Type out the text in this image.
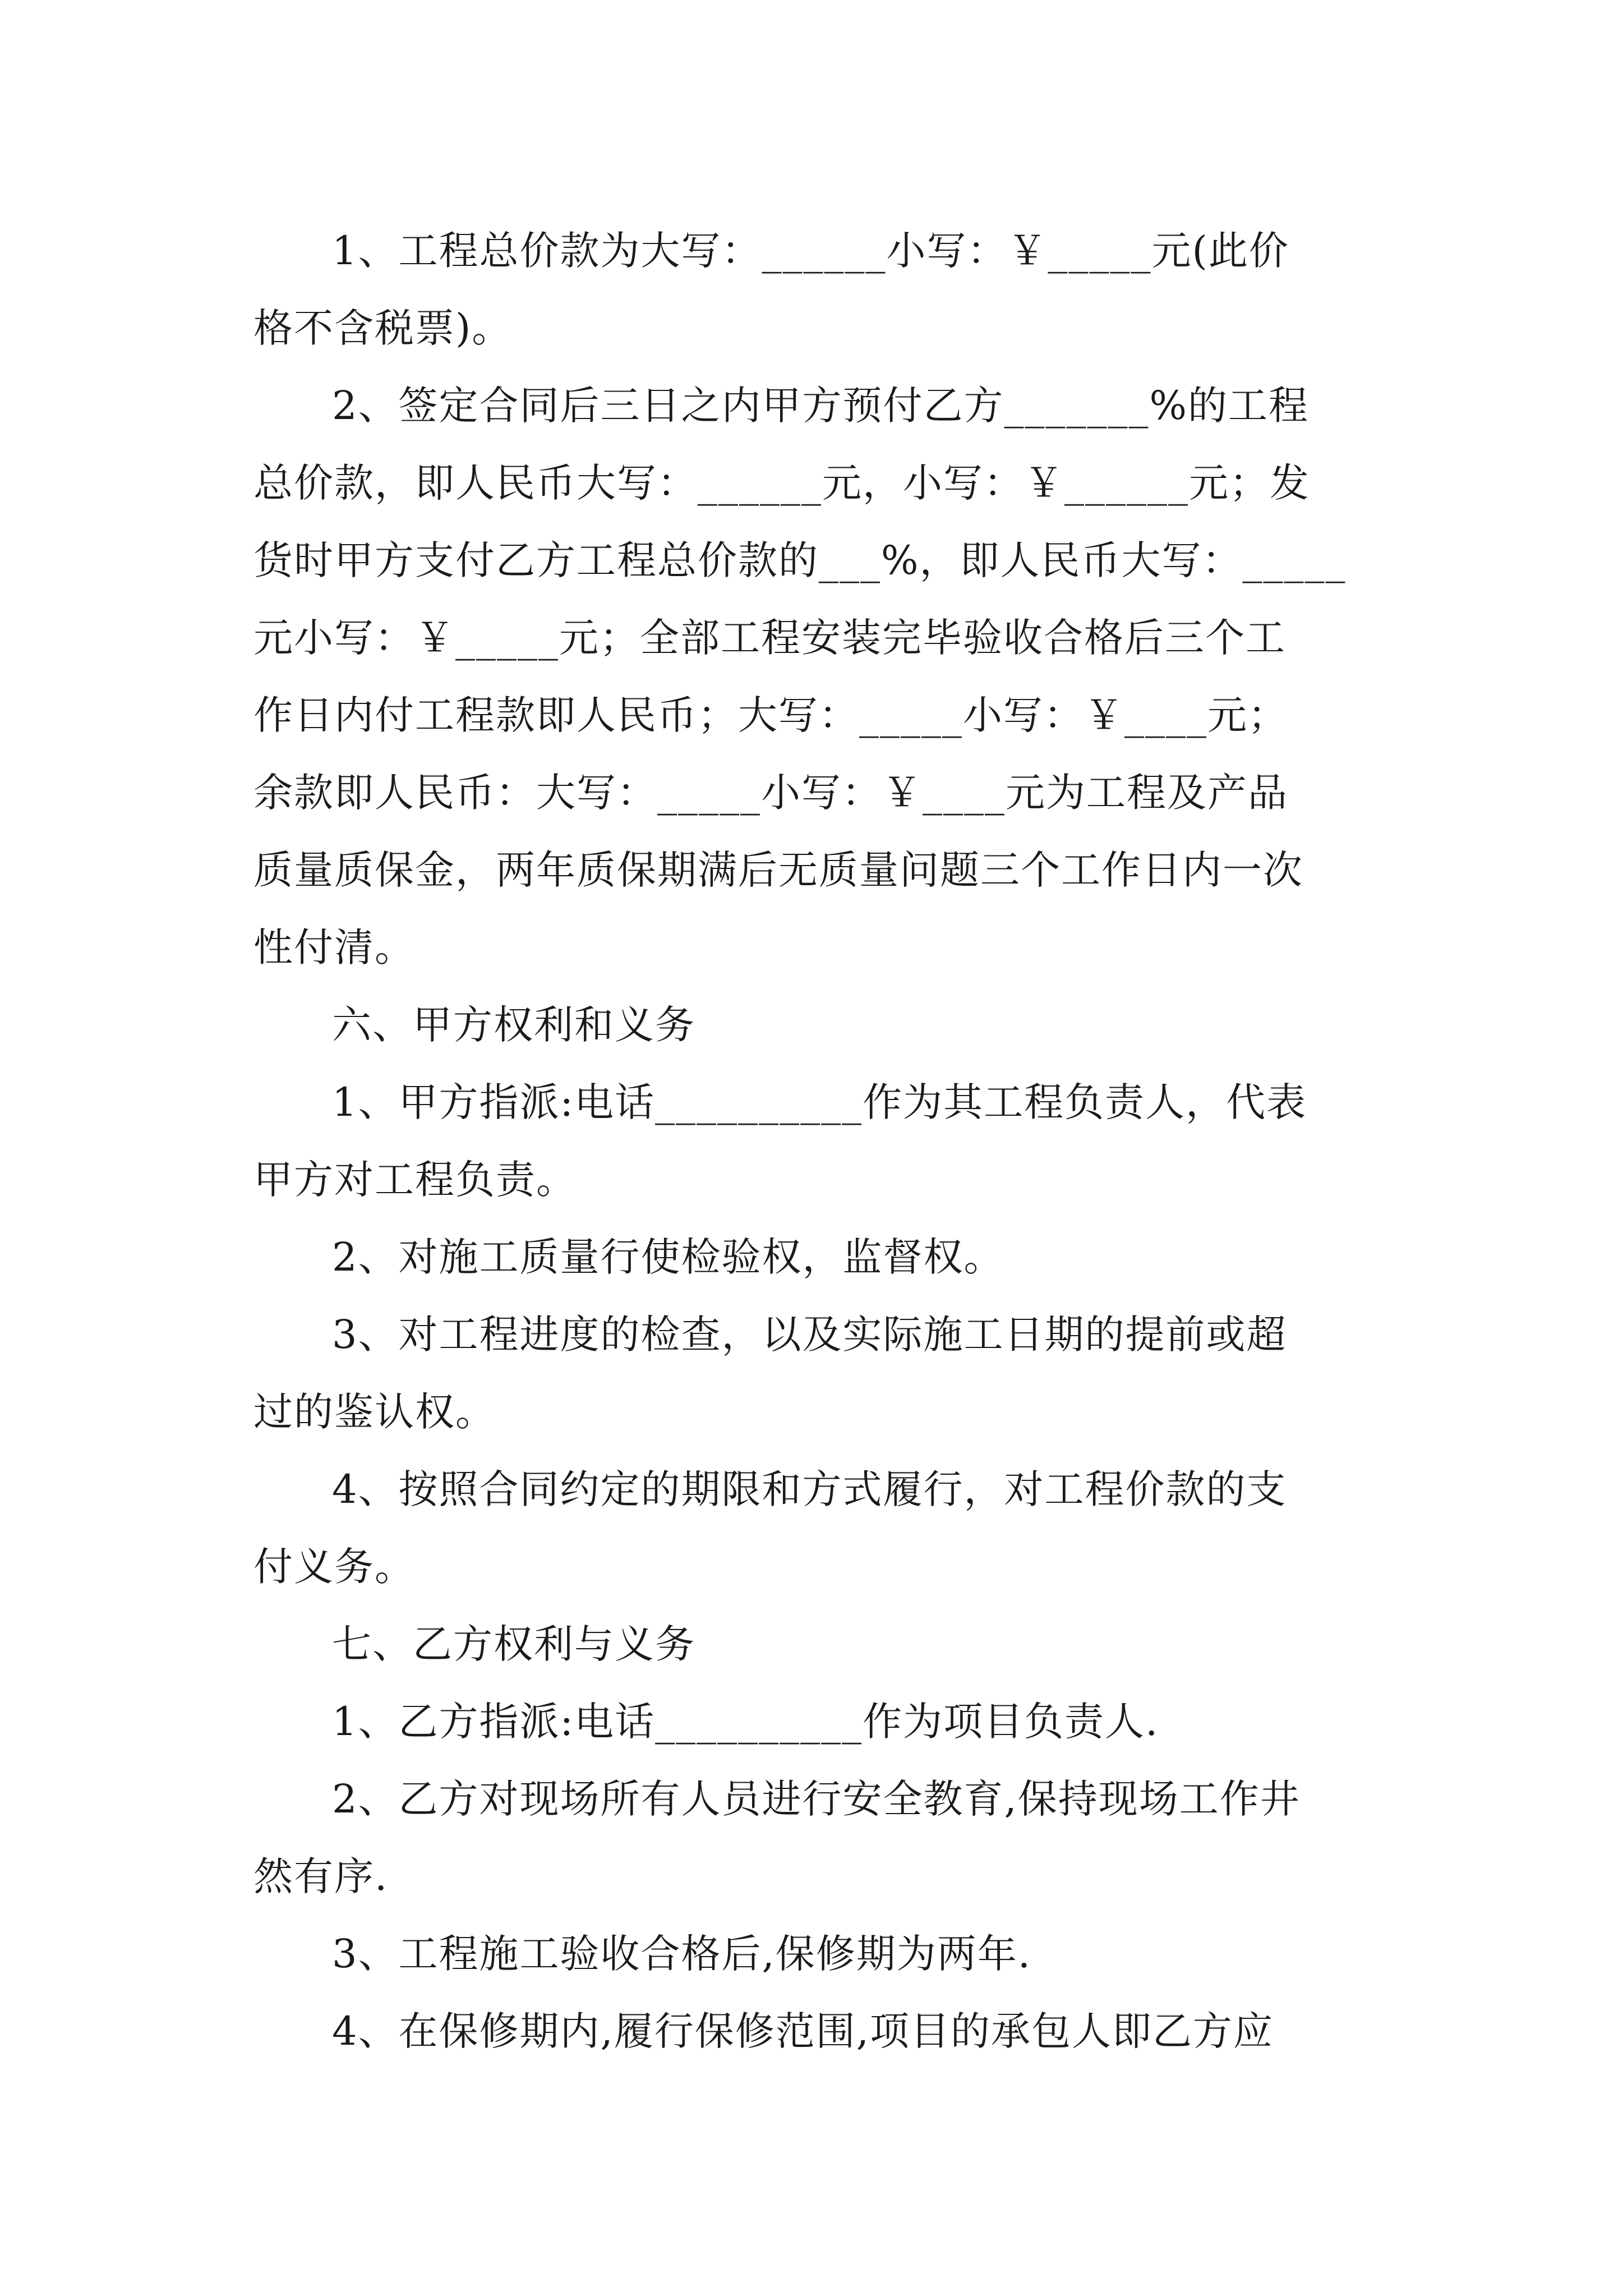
1、工程总价款为大写：______小写：￥_____元(此价
格不含税票)。
2、签定合同后三日之内甲方预付乙方_______%的工程
总价款，即人民币大写：______元，小写：￥______元；发
货时甲方支付乙方工程总价款的___%，即人民币大写：_____
元小写：￥_____元；全部工程安装完毕验收合格后三个工
作日内付工程款即人民币；大写：_____小写：￥____元；
余款即人民币：大写：_____小写：￥____元为工程及产品
质量质保金，两年质保期满后无质量问题三个工作日内一次
性付清。
六、甲方权利和义务
1、甲方指派:电话__________作为其工程负责人，代表
甲方对工程负责。
2、对施工质量行使检验权，监督权。
3、对工程进度的检查，以及实际施工日期的提前或超
过的鉴认权。
4、按照合同约定的期限和方式履行，对工程价款的支
付义务。
七、乙方权利与义务
1、乙方指派:电话__________作为项目负责人.
2、乙方对现场所有人员进行安全教育,保持现场工作井
然有序.
3、工程施工验收合格后,保修期为两年.
4、在保修期内,履行保修范围,项目的承包人即乙方应
